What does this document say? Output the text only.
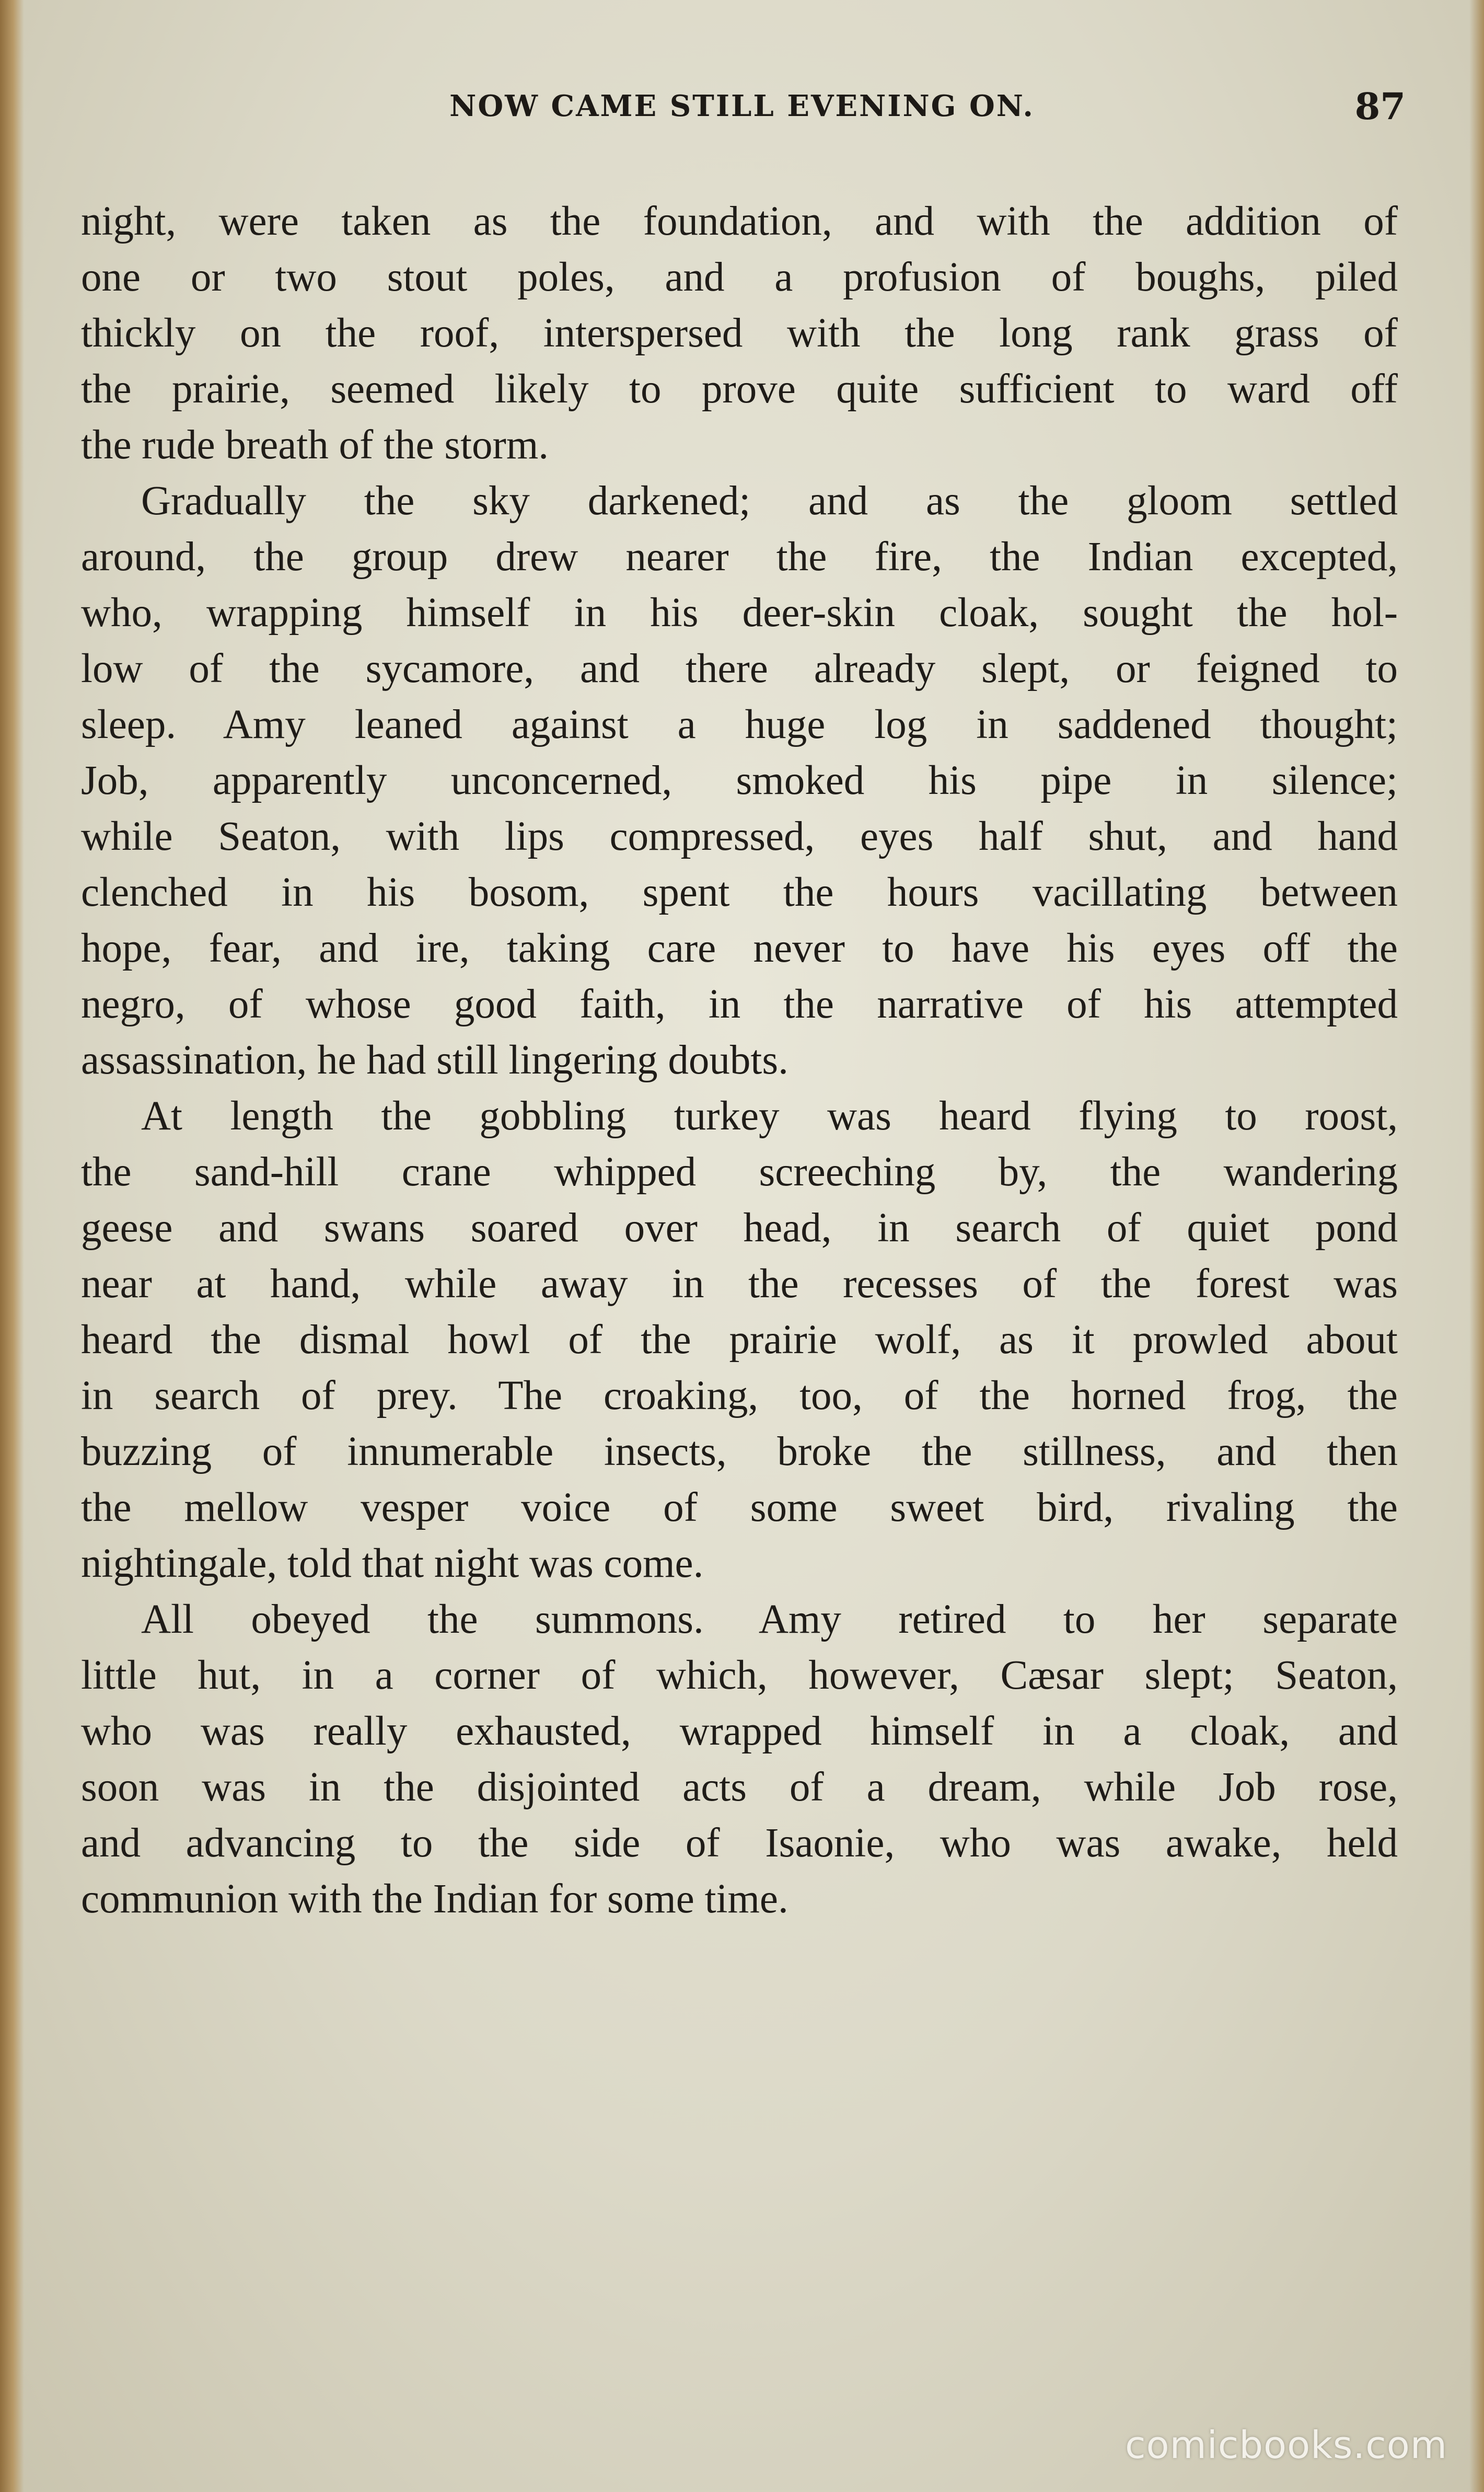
NOW CAME STILL EVENING ON.	87

night, were taken as the foundation, and with the addition of
one or two stout poles, and a profusion of boughs, piled
thickly on the roof, interspersed with the long rank grass of
the prairie, seemed likely to prove quite sufficient to ward off
the rude breath of the storm.

Gradually the sky darkened; and as the gloom settled
around, the group drew nearer the fire, the Indian excepted,
who, wrapping himself in his deer-skin cloak, sought the hol-
low of the sycamore, and there already slept, or feigned to
sleep. Amy leaned against a huge log in saddened thought;
Job, apparently unconcerned, smoked his pipe in silence;
while Seaton, with lips compressed, eyes half shut, and hand
clenched in his bosom, spent the hours vacillating between
hope, fear, and ire, taking care never to have his eyes off the
negro, of whose good faith, in the narrative of his attempted
assassination, he had still lingering doubts.

At length the gobbling turkey was heard flying to roost,
the sand-hill crane whipped screeching by, the wandering
geese and swans soared over head, in search of quiet pond
near at hand, while away in the recesses of the forest was
heard the dismal howl of the prairie wolf, as it prowled about
in search of prey. The croaking, too, of the horned frog, the
buzzing of innumerable insects, broke the stillness, and then
the mellow vesper voice of some sweet bird, rivaling the
nightingale, told that night was come.

All obeyed the summons. Amy retired to her separate
little hut, in a corner of which, however, Cæsar slept; Seaton,
who was really exhausted, wrapped himself in a cloak, and
soon was in the disjointed acts of a dream, while Job rose,
and advancing to the side of Isaonie, who was awake, held
communion with the Indian for some time.

comicbooks.com
